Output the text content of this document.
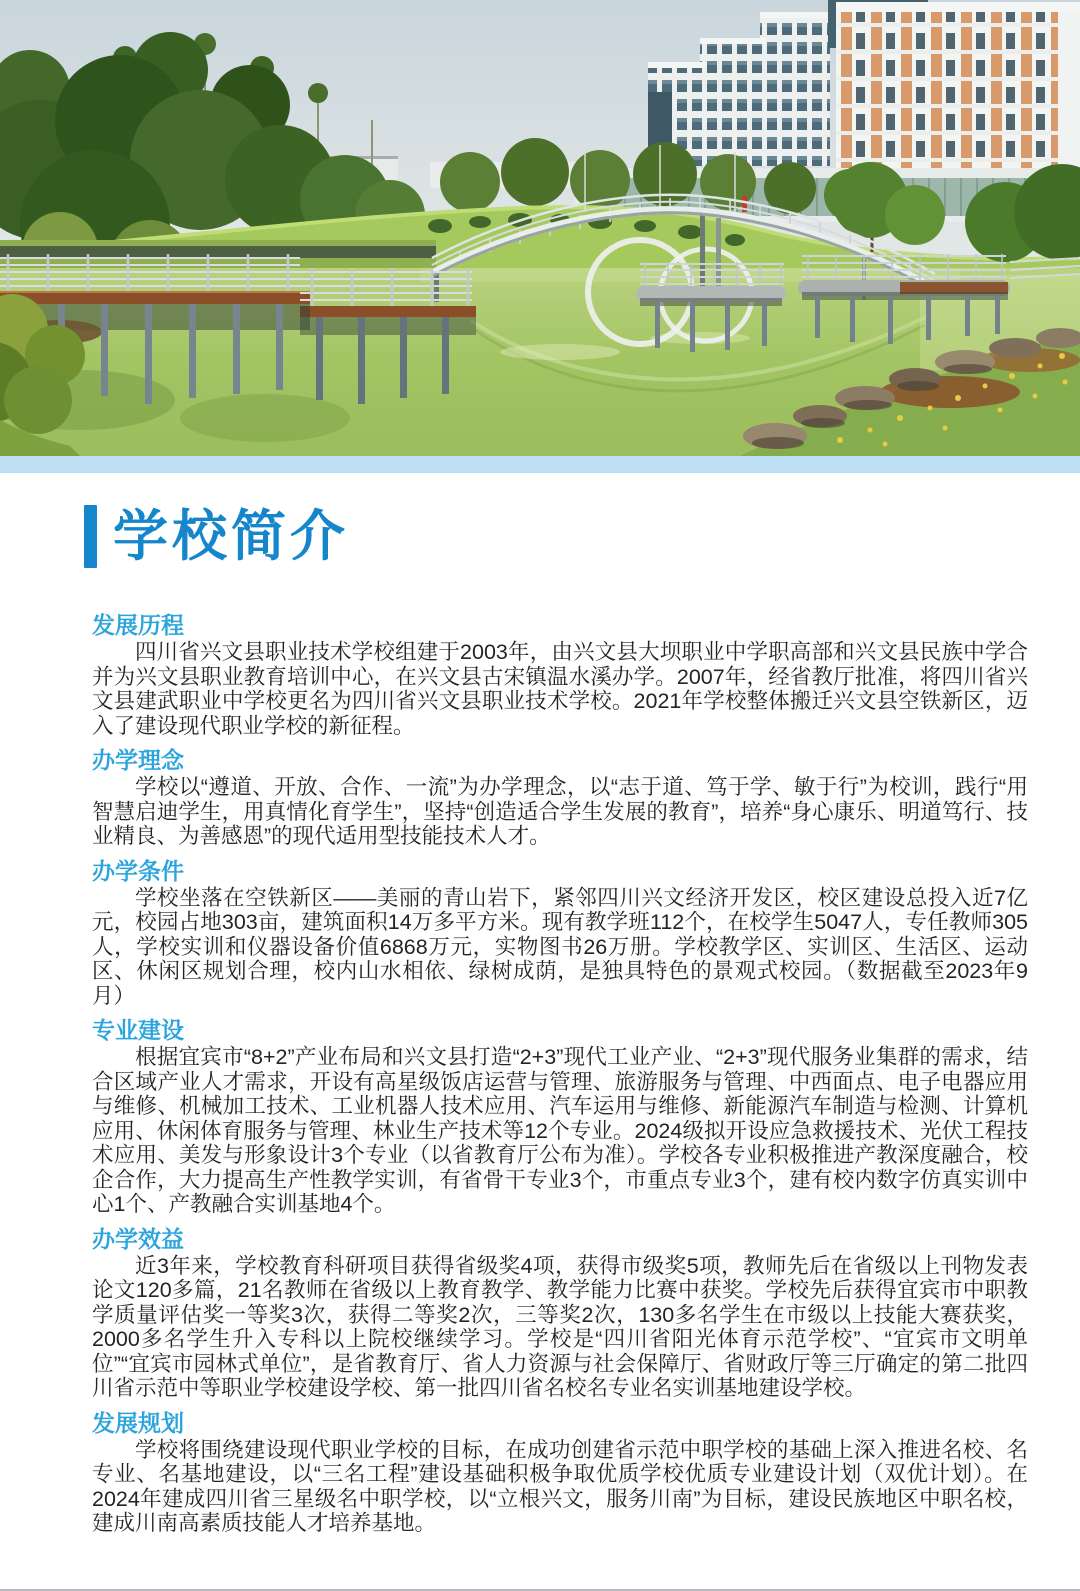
学校简介
发展历程

四川省兴文县职业技术学校组建于2003年，由兴文县大坝职业中学职高部和兴文县民族中学合并为兴文县职业教育培训中心，在兴文县古宋镇温水溪办学。2007年，经省教厅批准，将四川省兴文县建武职业中学校更名为四川省兴文县职业技术学校。2021年学校整体搬迁兴文县空铁新区，迈入了建设现代职业学校的新征程。

办学理念

学校以“遵道、开放、合作、一流”为办学理念，以“志于道、笃于学、敏于行”为校训，践行“用智慧启迪学生，用真情化育学生”，坚持“创造适合学生发展的教育”，培养“身心康乐、明道笃行、技业精良、为善感恩”的现代适用型技能技术人才。

办学条件

学校坐落在空铁新区——美丽的青山岩下，紧邻四川兴文经济开发区，校区建设总投入近7亿元，校园占地303亩，建筑面积14万多平方米。现有教学班112个，在校学生5047人，专任教师305人，学校实训和仪器设备价值6868万元，实物图书26万册。学校教学区、实训区、生活区、运动区、休闲区规划合理，校内山水相依、绿树成荫，是独具特色的景观式校园。（数据截至2023年9月）

专业建设

根据宜宾市“8+2”产业布局和兴文县打造“2+3”现代工业产业、“2+3”现代服务业集群的需求，结合区域产业人才需求，开设有高星级饭店运营与管理、旅游服务与管理、中西面点、电子电器应用与维修、机械加工技术、工业机器人技术应用、汽车运用与维修、新能源汽车制造与检测、计算机应用、休闲体育服务与管理、林业生产技术等12个专业。2024级拟开设应急救援技术、光伏工程技术应用、美发与形象设计3个专业（以省教育厅公布为准）。学校各专业积极推进产教深度融合，校企合作，大力提高生产性教学实训，有省骨干专业3个，市重点专业3个，建有校内数字仿真实训中心1个、产教融合实训基地4个。

办学效益

近3年来，学校教育科研项目获得省级奖4项，获得市级奖5项，教师先后在省级以上刊物发表论文120多篇，21名教师在省级以上教育教学、教学能力比赛中获奖。学校先后获得宜宾市中职教学质量评估奖一等奖3次，获得二等奖2次，三等奖2次，130多名学生在市级以上技能大赛获奖，2000多名学生升入专科以上院校继续学习。学校是“四川省阳光体育示范学校”、“宜宾市文明单位”“宜宾市园林式单位”，是省教育厅、省人力资源与社会保障厅、省财政厅等三厅确定的第二批四川省示范中等职业学校建设学校、第一批四川省名校名专业名实训基地建设学校。

发展规划

学校将围绕建设现代职业学校的目标，在成功创建省示范中职学校的基础上深入推进名校、名专业、名基地建设，以“三名工程”建设基础积极争取优质学校优质专业建设计划（双优计划）。在2024年建成四川省三星级名中职学校，以“立根兴文，服务川南”为目标，建设民族地区中职名校，建成川南高素质技能人才培养基地。
